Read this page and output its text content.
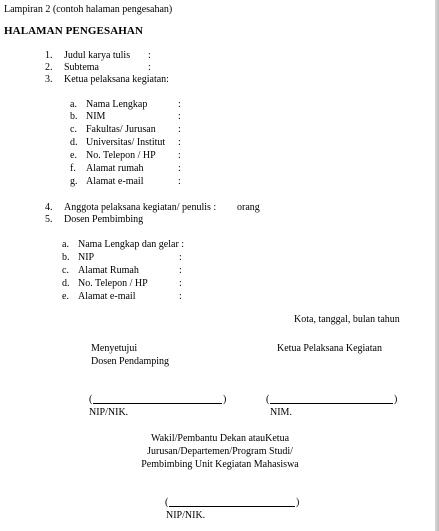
Lampiran 2 (contoh halaman pengesahan)
HALAMAN PENGESAHAN
1. Judul karya tulis :
2. Subtema	:
3. Ketua pelaksana kegiatan:
a. Nama Lengkap	:
b. NIM	:
c. Fakultas/ Jurusan :
d. Universitas/ Institut :
e. No. Telepon / HP :
f. Alamat rumah	:
g. Alamat e-mail	:
4. Anggota pelaksana kegiatan/ penulis : orang
5. Dosen Pembimbing
a. Nama Lengkap dan gelar :
b. NIP	:
c. Alamat Rumah	:
d. No. Telepon / HP	:
e. Alamat e-mail	:
Kota, tanggal, bulan tahun
Menyetujui
Dosen Pendamping
(	)
NIP/NIK.
Ketua Pelaksana Kegiatan
(	)
NIM.
Wakil/Pembantu Dekan atauKetua
Jurusan/Departemen/Program Studi/
Pembimbing Unit Kegiatan Mahasiswa
(	)
NIP/NIK.
